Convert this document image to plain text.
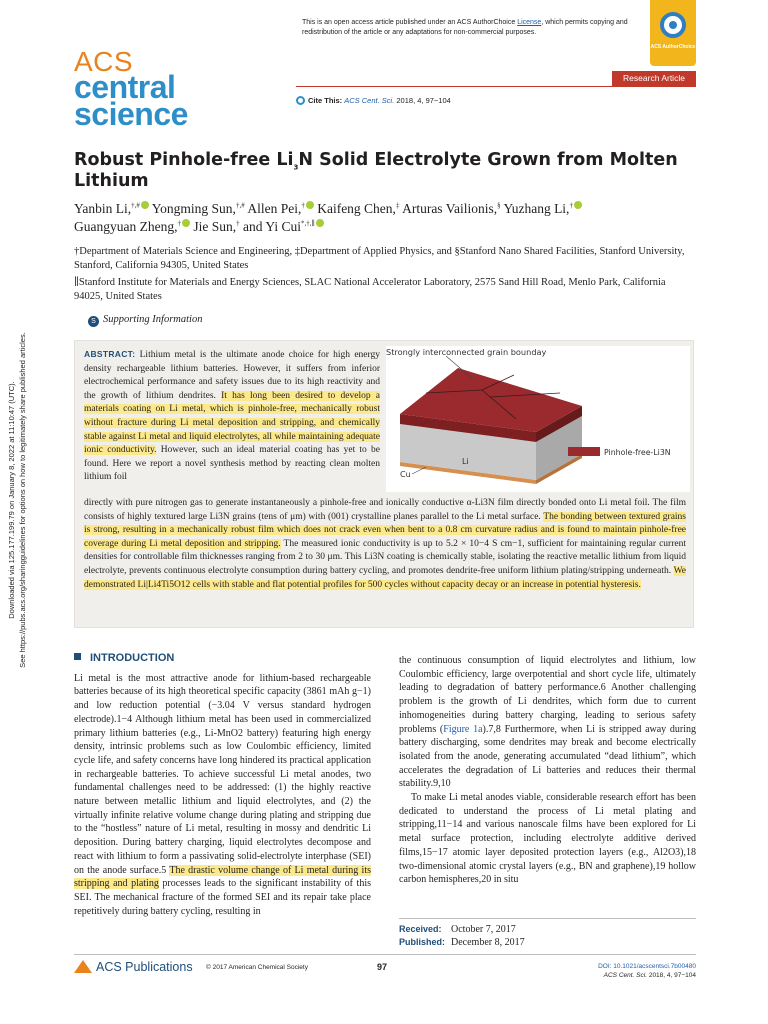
Downloaded via 125.177.199.79 on January 8, 2022 at 11:10:47 (UTC). See https://pubs.acs.org/sharingguidelines for options on how to legitimately share published articles.
This is an open access article published under an ACS AuthorChoice License, which permits copying and redistribution of the article or any adaptations for non-commercial purposes.
ACS AuthorChoice
ACS
central
science
Research Article
Cite This: ACS Cent. Sci. 2018, 4, 97−104
Robust Pinhole-free $Li_3N$ Solid Electrolyte Grown from Molten Lithium
Yanbin Li,†,# Yongming Sun,†,# Allen Pei,† Kaifeng Chen,‡ Arturas Vailionis,§ Yuzhang Li,†
Guangyuan Zheng,† Jie Sun,† and Yi Cui*,†,∥
†Department of Materials Science and Engineering, ‡Department of Applied Physics, and §Stanford Nano Shared Facilities, Stanford University, Stanford, California 94305, United States
∥Stanford Institute for Materials and Energy Sciences, SLAC National Accelerator Laboratory, 2575 Sand Hill Road, Menlo Park, California 94025, United States
S Supporting Information
ABSTRACT: Lithium metal is the ultimate anode choice for high energy density rechargeable lithium batteries. However, it suffers from inferior electrochemical performance and safety issues due to its high reactivity and the growth of lithium dendrites. It has long been desired to develop a materials coating on Li metal, which is pinhole-free, mechanically robust without fracture during Li metal deposition and stripping, and chemically stable against Li metal and liquid electrolytes, all while maintaining adequate ionic conductivity. However, such an ideal material coating has yet to be found. Here we report a novel synthesis method by reacting clean molten lithium foil
Strongly interconnected grain bounday
Li
Cu
Pinhole-free-Li3N
directly with pure nitrogen gas to generate instantaneously a pinhole-free and ionically conductive α-Li3N film directly bonded onto Li metal foil. The film consists of highly textured large Li3N grains (tens of μm) with (001) crystalline planes parallel to the Li metal surface. The bonding between textured grains is strong, resulting in a mechanically robust film which does not crack even when bent to a 0.8 cm curvature radius and is found to maintain pinhole-free coverage during Li metal deposition and stripping. The measured ionic conductivity is up to 5.2 × 10−4 S cm−1, sufficient for maintaining regular current densities for controllable film thicknesses ranging from 2 to 30 μm. This Li3N coating is chemically stable, isolating the reactive metallic lithium from liquid electrolyte, prevents continuous electrolyte consumption during battery cycling, and promotes dendrite-free uniform lithium plating/stripping underneath. We demonstrated Li|Li4Ti5O12 cells with stable and flat potential profiles for 500 cycles without capacity decay or an increase in potential hysteresis.
INTRODUCTION

Li metal is the most attractive anode for lithium-based rechargeable batteries because of its high theoretical specific capacity (3861 mAh g−1) and low reduction potential (−3.04 V versus standard hydrogen electrode).1−4 Although lithium metal has been used in commercialized primary lithium batteries (e.g., Li-MnO2 battery) featuring high energy density, intrinsic problems such as low Coulombic efficiency, limited cycle life, and safety concerns have long hindered its practical application in rechargeable batteries. To achieve successful Li metal anodes, two fundamental challenges need to be addressed: (1) the highly reactive nature between metallic lithium and liquid electrolytes, and (2) the virtually infinite relative volume change during plating and stripping due to the “hostless” nature of Li metal, resulting in mossy and dendritic Li deposition. During battery charging, liquid electrolytes decompose and react with lithium to form a passivating solid-electrolyte interphase (SEI) on the anode surface.5 The drastic volume change of Li metal during its stripping and plating processes leads to the significant instability of this SEI. The mechanical fracture of the formed SEI and its repair take place repetitively during battery cycling, resulting in

the continuous consumption of liquid electrolytes and lithium, low Coulombic efficiency, large overpotential and short cycle life, ultimately leading to degradation of battery performance.6 Another challenging problem is the growth of Li dendrites, which form due to current inhomogeneities during battery charging, leading to serious safety problems (Figure 1a).7,8 Furthermore, when Li is stripped away during battery discharging, some dendrites may break and become electrically isolated from the anode, generating accumulated “dead lithium”, which accelerates the degradation of Li batteries and reduces their thermal stability.9,10

To make Li metal anodes viable, considerable research effort has been dedicated to understand the process of Li metal plating and stripping,11−14 and various nanoscale films have been explored for Li metal surface protection, including electrolyte additive derived films,15−17 atomic layer deposited protection layers (e.g., Al2O3),18 two-dimensional atomic crystal layers (e.g., BN and graphene),19 hollow carbon hemispheres,20 in situ

Received: October 7, 2017
Published: December 8, 2017
ACS Publications © 2017 American Chemical Society	97	DOI: 10.1021/acscentsci.7b00480
ACS Cent. Sci. 2018, 4, 97−104
